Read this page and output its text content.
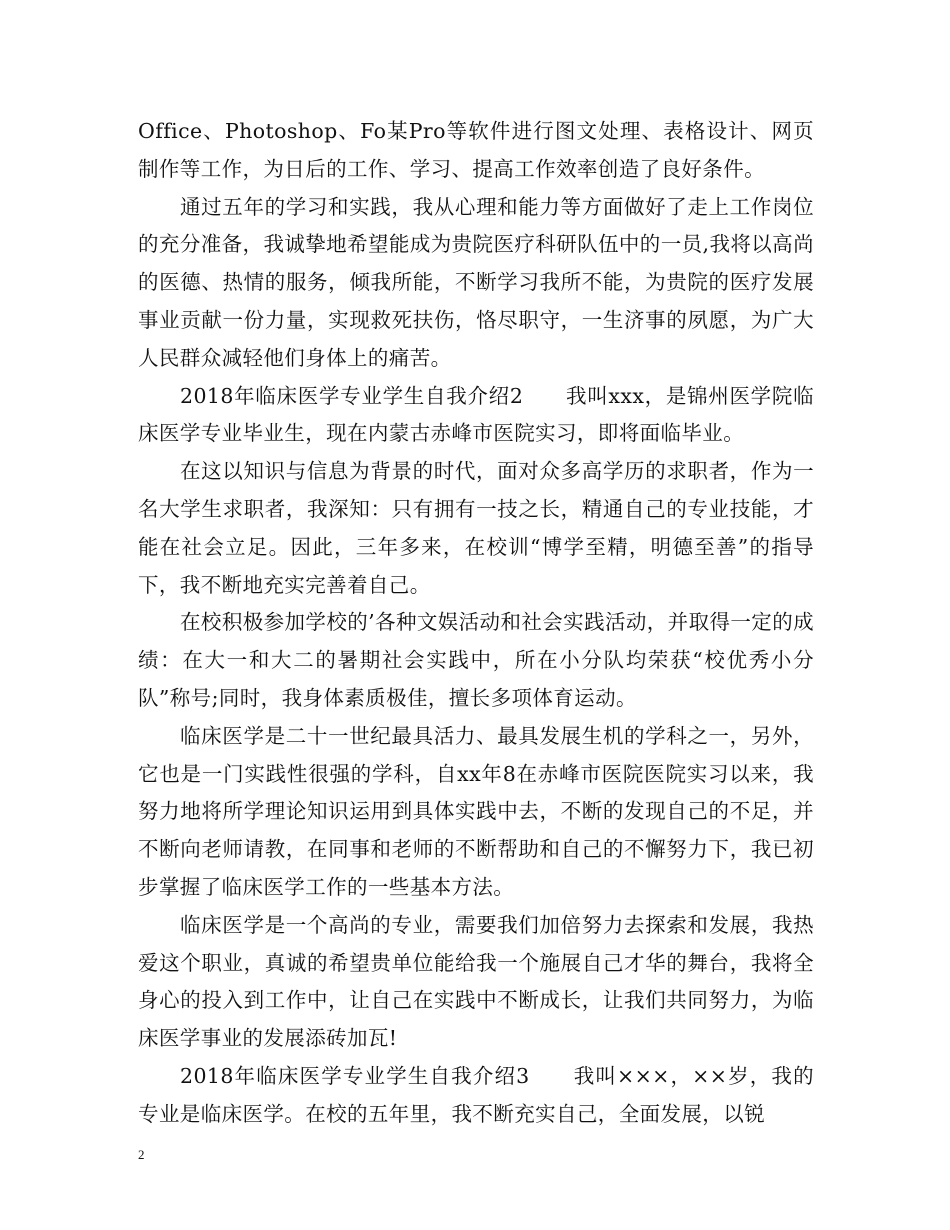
Office、Photoshop、Fo某Pro等软件进行图文处理、表格设计、网页制作等工作，为日后的工作、学习、提高工作效率创造了良好条件。

通过五年的学习和实践，我从心理和能力等方面做好了走上工作岗位的充分准备，我诚挚地希望能成为贵院医疗科研队伍中的一员,我将以高尚的医德、热情的服务，倾我所能，不断学习我所不能，为贵院的医疗发展事业贡献一份力量，实现救死扶伤，恪尽职守，一生济事的夙愿，为广大人民群众减轻他们身体上的痛苦。

2018年临床医学专业学生自我介绍2　　我叫xxx，是锦州医学院临床医学专业毕业生，现在内蒙古赤峰市医院实习，即将面临毕业。

在这以知识与信息为背景的时代，面对众多高学历的求职者，作为一名大学生求职者，我深知：只有拥有一技之长，精通自己的专业技能，才能在社会立足。因此，三年多来，在校训“博学至精，明德至善”的指导下，我不断地充实完善着自己。

在校积极参加学校的’各种文娱活动和社会实践活动，并取得一定的成绩：在大一和大二的暑期社会实践中，所在小分队均荣获“校优秀小分队”称号;同时，我身体素质极佳，擅长多项体育运动。

临床医学是二十一世纪最具活力、最具发展生机的学科之一，另外，它也是一门实践性很强的学科，自xx年8在赤峰市医院医院实习以来，我努力地将所学理论知识运用到具体实践中去，不断的发现自己的不足，并不断向老师请教，在同事和老师的不断帮助和自己的不懈努力下，我已初步掌握了临床医学工作的一些基本方法。

临床医学是一个高尚的专业，需要我们加倍努力去探索和发展，我热爱这个职业，真诚的希望贵单位能给我一个施展自己才华的舞台，我将全身心的投入到工作中，让自己在实践中不断成长，让我们共同努力，为临床医学事业的发展添砖加瓦!

2018年临床医学专业学生自我介绍3　　我叫×××，××岁，我的专业是临床医学。在校的五年里，我不断充实自己，全面发展，以锐

2
